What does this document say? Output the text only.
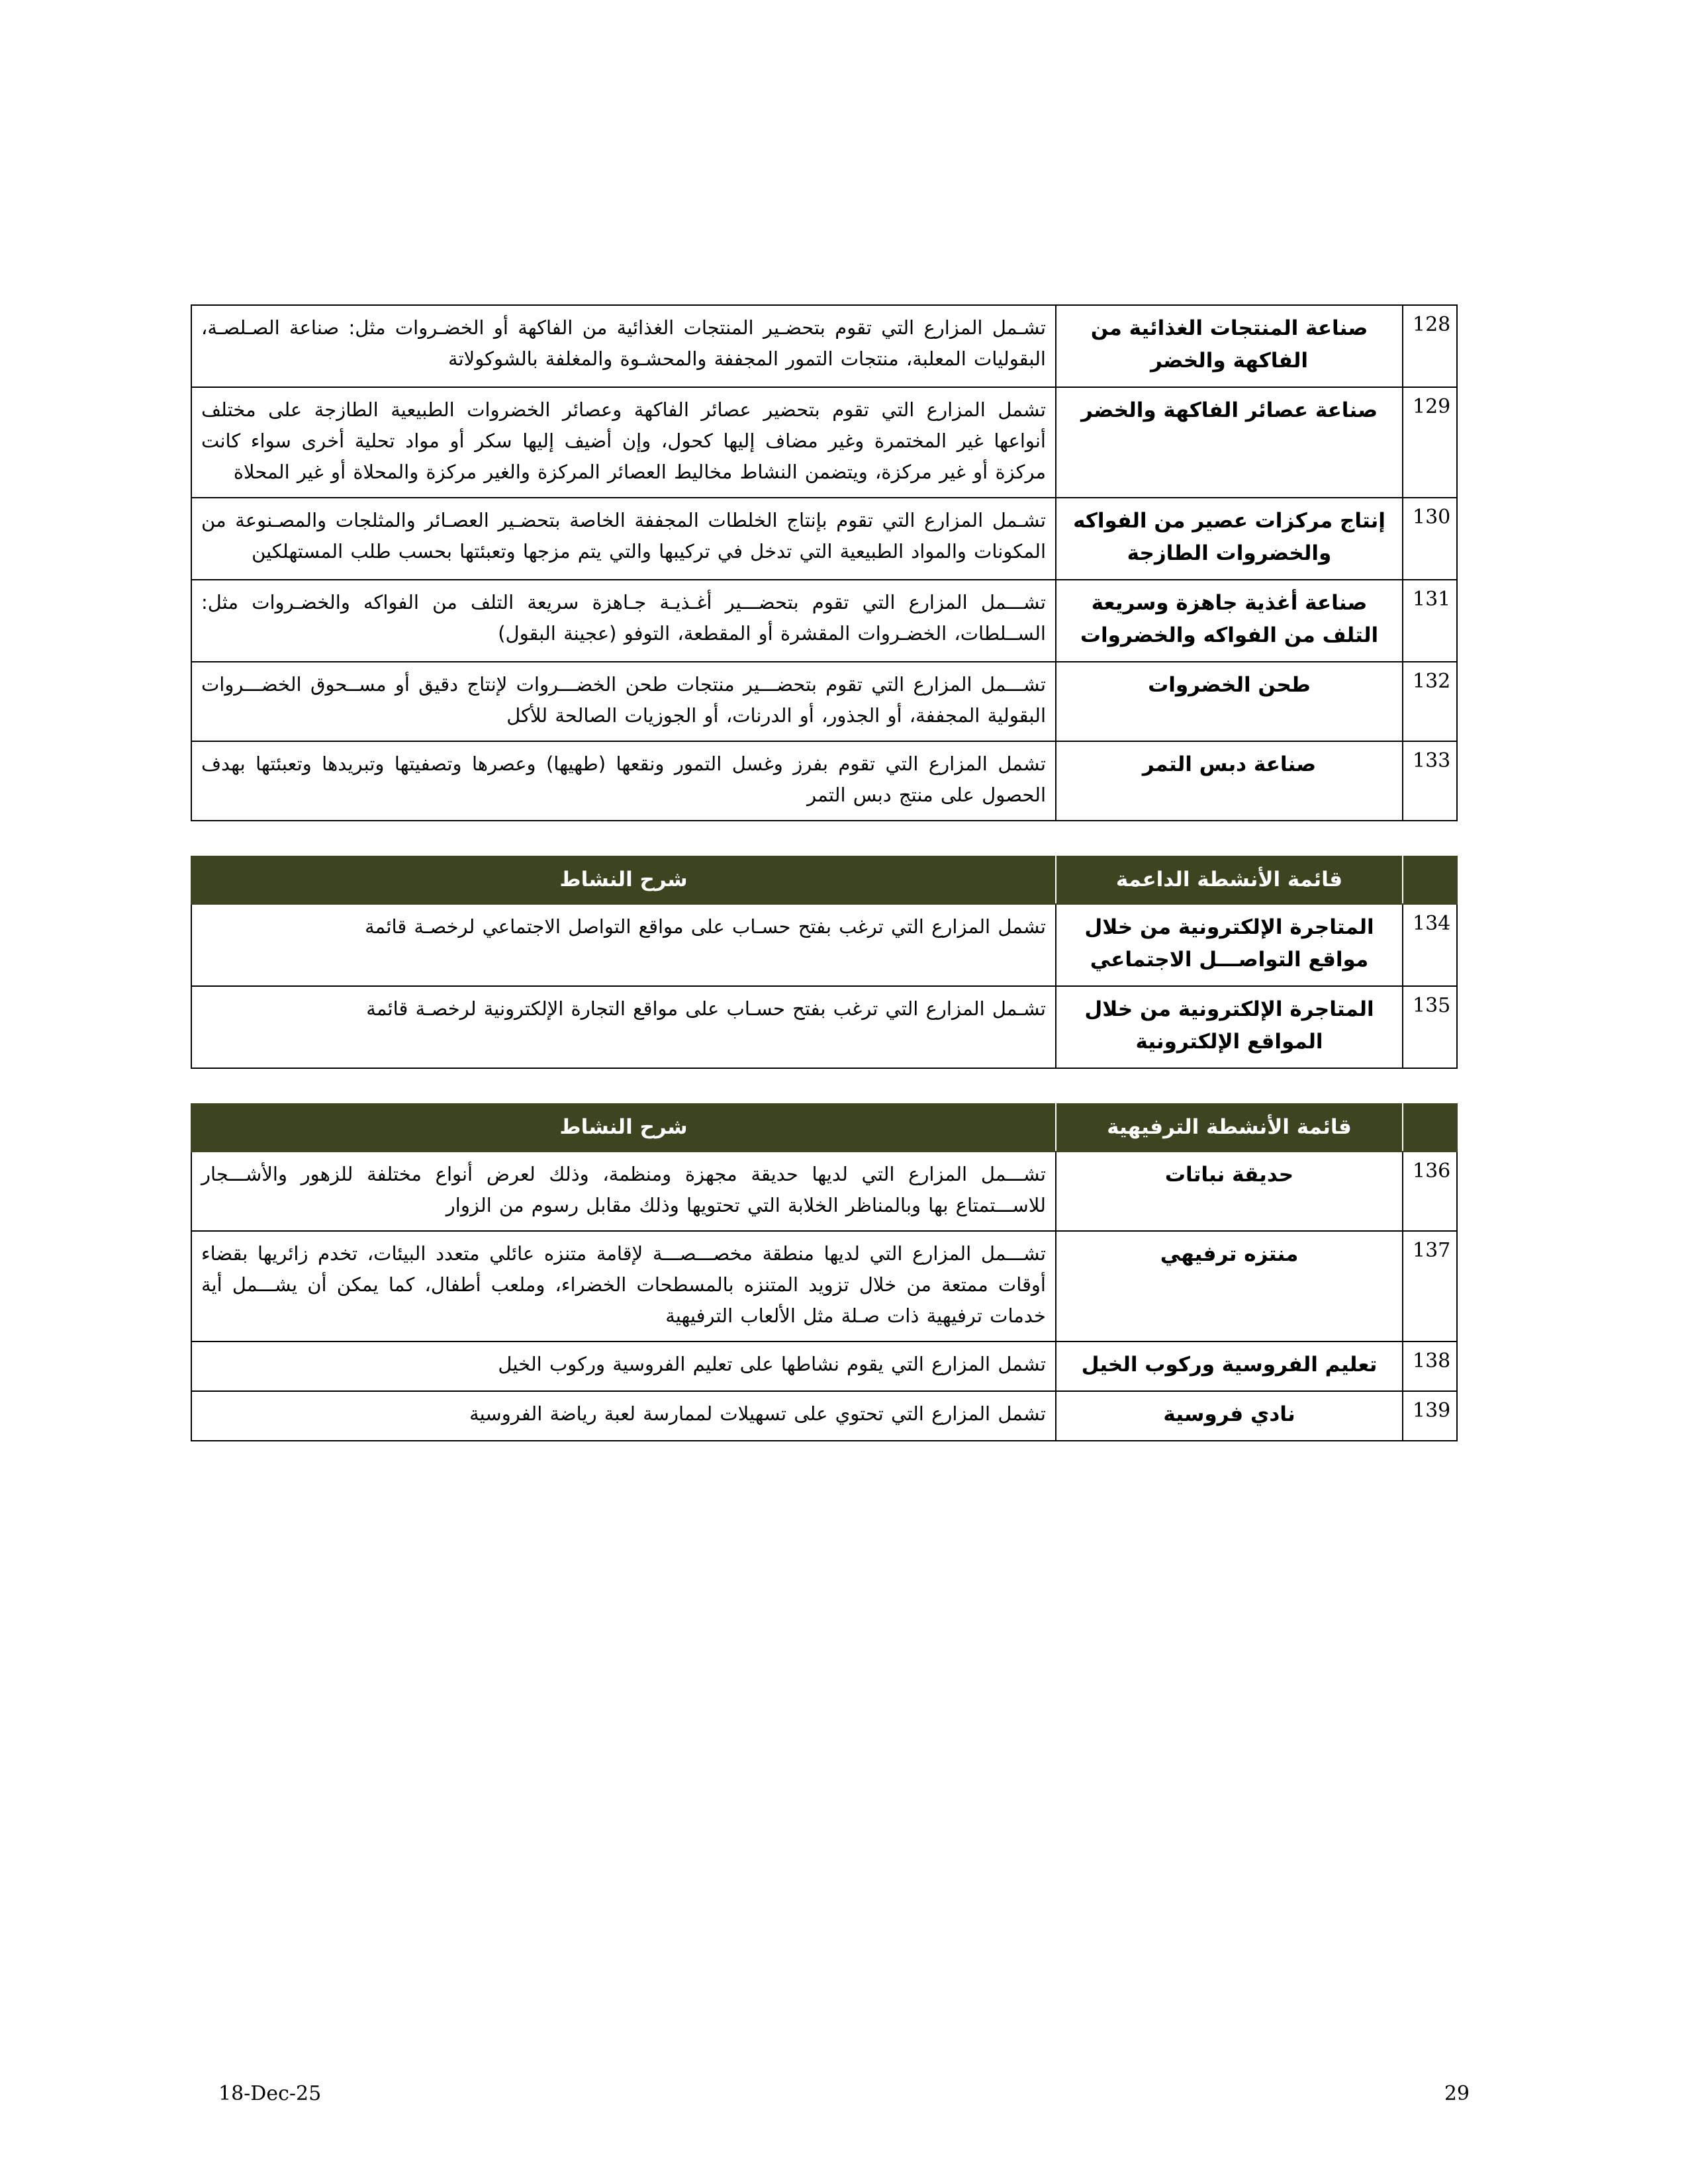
128	صناعة المنتجات الغذائية من الفاكهة والخضر	تشـمل المزارع التي تقوم بتحضـير المنتجات الغذائية من الفاكهة أو الخضـروات مثل: صناعة الصـلصـة، البقوليات المعلبة، منتجات التمور المجففة والمحشـوة والمغلفة بالشوكولاتة
129	صناعة عصائر الفاكهة والخضر	تشمل المزارع التي تقوم بتحضير عصائر الفاكهة وعصائر الخضروات الطبيعية الطازجة على مختلف أنواعها غير المختمرة وغير مضاف إليها كحول، وإن أضيف إليها سكر أو مواد تحلية أخرى سواء كانت مركزة أو غير مركزة، ويتضمن النشاط مخاليط العصائر المركزة والغير مركزة والمحلاة أو غير المحلاة
130	إنتاج مركزات عصير من الفواكه والخضروات الطازجة	تشـمل المزارع التي تقوم بإنتاج الخلطات المجففة الخاصة بتحضـير العصـائر والمثلجات والمصـنوعة من المكونات والمواد الطبيعية التي تدخل في تركيبها والتي يتم مزجها وتعبئتها بحسب طلب المستهلكين
131	صناعة أغذية جاهزة وسريعة التلف من الفواكه والخضروات	تشـــمل المزارع التي تقوم بتحضـــير أغـذيـة جـاهزة سريعة التلف من الفواكه والخضـروات مثل: الســلطات، الخضـروات المقشرة أو المقطعة، التوفو (عجينة البقول)
132	طحن الخضروات	تشـــمل المزارع التي تقوم بتحضـــير منتجات طحن الخضـــروات لإنتاج دقيق أو مســحوق الخضـــروات البقولية المجففة، أو الجذور، أو الدرنات، أو الجوزيات الصالحة للأكل
133	صناعة دبس التمر	تشمل المزارع التي تقوم بفرز وغسل التمور ونقعها (طهيها) وعصرها وتصفيتها وتبريدها وتعبئتها بهدف الحصول على منتج دبس التمر
	قائمة الأنشطة الداعمة	شرح النشاط
134	المتاجرة الإلكترونية من خلال مواقع التواصـــل الاجتماعي	تشمل المزارع التي ترغب بفتح حسـاب على مواقع التواصل الاجتماعي لرخصـة قائمة
135	المتاجرة الإلكترونية من خلال المواقع الإلكترونية	تشـمل المزارع التي ترغب بفتح حسـاب على مواقع التجارة الإلكترونية لرخصـة قائمة
	قائمة الأنشطة الترفيهية	شرح النشاط
136	حديقة نباتات	تشـــمل المزارع التي لديها حديقة مجهزة ومنظمة، وذلك لعرض أنواع مختلفة للزهور والأشـــجار للاســـتمتاع بها وبالمناظر الخلابة التي تحتويها وذلك مقابل رسوم من الزوار
137	منتزه ترفيهي	تشـــمل المزارع التي لديها منطقة مخصـــصـــة لإقامة متنزه عائلي متعدد البيئات، تخدم زائريها بقضاء أوقات ممتعة من خلال تزويد المتنزه بالمسطحات الخضراء، وملعب أطفال، كما يمكن أن يشـــمل أية خدمات ترفيهية ذات صـلة مثل الألعاب الترفيهية
138	تعليم الفروسية وركوب الخيل	تشمل المزارع التي يقوم نشاطها على تعليم الفروسية وركوب الخيل
139	نادي فروسية	تشمل المزارع التي تحتوي على تسهيلات لممارسة لعبة رياضة الفروسية
18-Dec-25	29
